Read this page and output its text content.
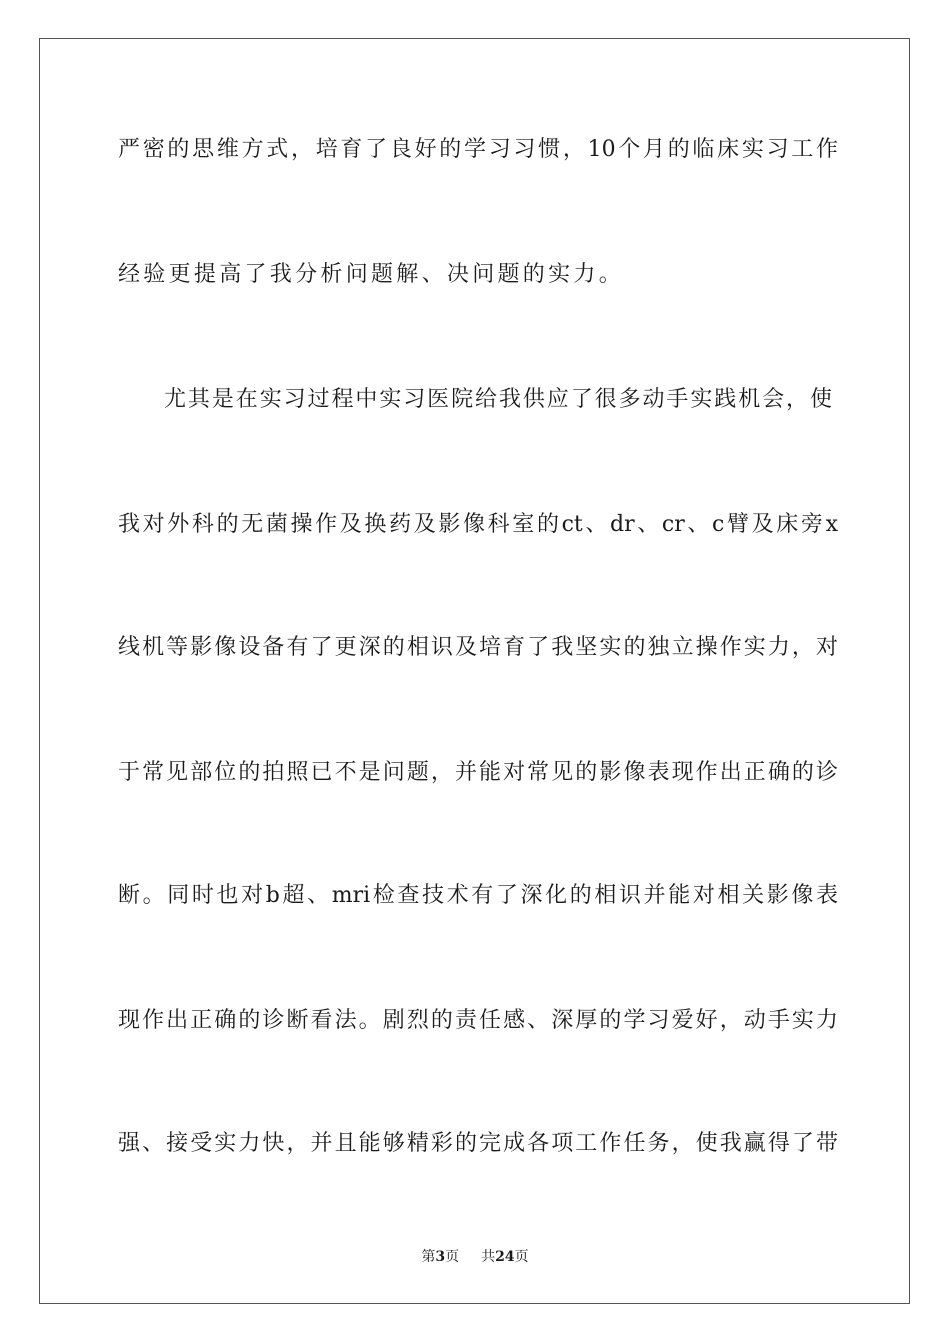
严密的思维方式，培育了良好的学习习惯，10个月的临床实习工作
经验更提高了我分析问题解、决问题的实力。
尤其是在实习过程中实习医院给我供应了很多动手实践机会，使
我对外科的无菌操作及换药及影像科室的ct、dr、cr、c臂及床旁x
线机等影像设备有了更深的相识及培育了我坚实的独立操作实力，对
于常见部位的拍照已不是问题，并能对常见的影像表现作出正确的诊
断。同时也对b超、mri检查技术有了深化的相识并能对相关影像表
现作出正确的诊断看法。剧烈的责任感、深厚的学习爱好，动手实力
强、接受实力快，并且能够精彩的完成各项工作任务，使我赢得了带
第3页 共24页
